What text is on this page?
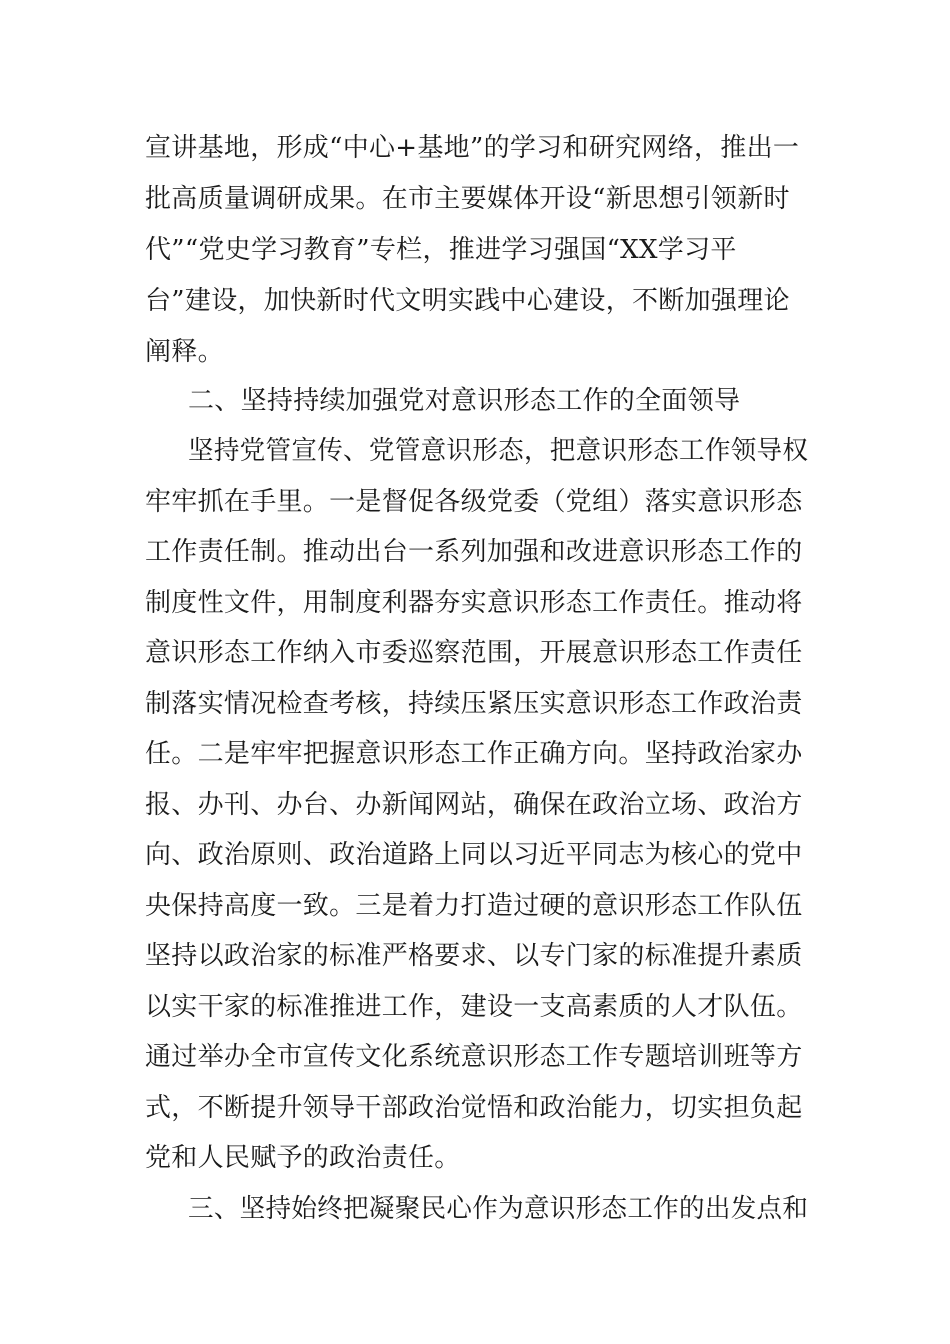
宣讲基地，形成“中心+基地”的学习和研究网络，推出一
批高质量调研成果。在市主要媒体开设“新思想引领新时
代”“党史学习教育”专栏，推进学习强国“XX学习平
台”建设，加快新时代文明实践中心建设，不断加强理论
阐释。
二、坚持持续加强党对意识形态工作的全面领导
坚持党管宣传、党管意识形态，把意识形态工作领导权
牢牢抓在手里。一是督促各级党委（党组）落实意识形态
工作责任制。推动出台一系列加强和改进意识形态工作的
制度性文件，用制度利器夯实意识形态工作责任。推动将
意识形态工作纳入市委巡察范围，开展意识形态工作责任
制落实情况检查考核，持续压紧压实意识形态工作政治责
任。二是牢牢把握意识形态工作正确方向。坚持政治家办
报、办刊、办台、办新闻网站，确保在政治立场、政治方
向、政治原则、政治道路上同以习近平同志为核心的党中
央保持高度一致。三是着力打造过硬的意识形态工作队伍
坚持以政治家的标准严格要求、以专门家的标准提升素质
以实干家的标准推进工作，建设一支高素质的人才队伍。
通过举办全市宣传文化系统意识形态工作专题培训班等方
式，不断提升领导干部政治觉悟和政治能力，切实担负起
党和人民赋予的政治责任。
三、坚持始终把凝聚民心作为意识形态工作的出发点和
